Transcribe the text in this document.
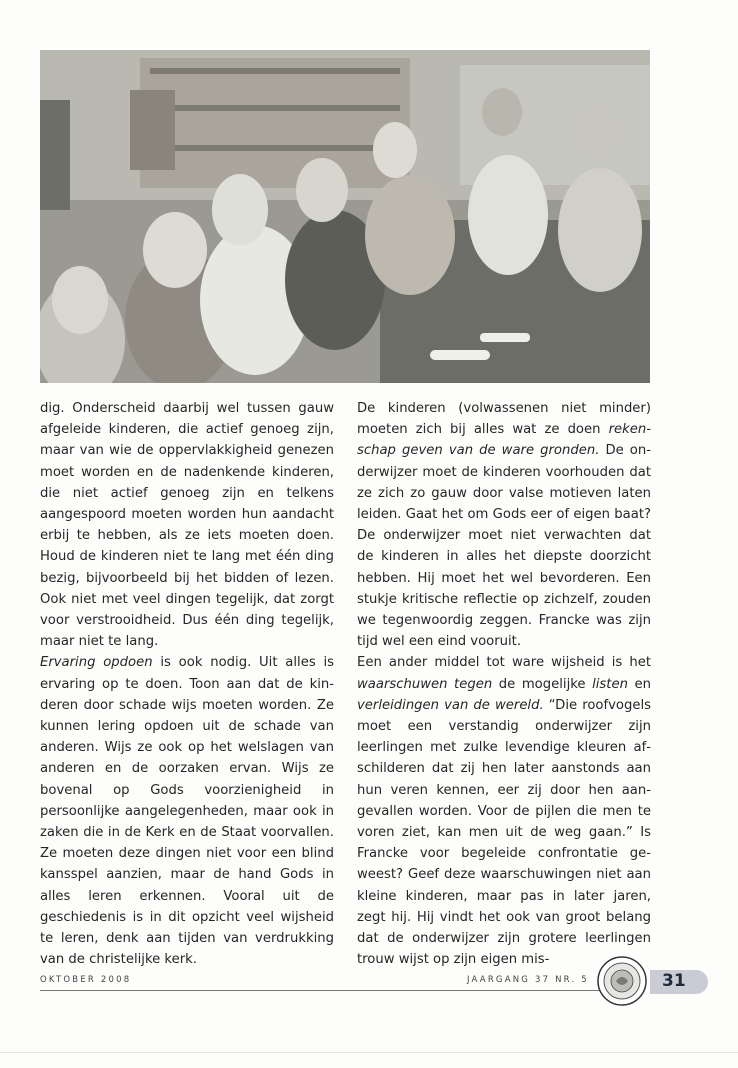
dig. Onderscheid daarbij wel tussen gauw afgeleide kinderen, die actief genoeg zijn, maar van wie de oppervlakkigheid genezen moet worden en de nadenkende kinderen, die niet actief genoeg zijn en telkens aangespoord moeten worden hun aandacht erbij te hebben, als ze iets moeten doen. Houd de kinderen niet te lang met één ding bezig, bijvoorbeeld bij het bidden of lezen. Ook niet met veel dingen tegelijk, dat zorgt voor verstrooidheid. Dus één ding tegelijk, maar niet te lang.

Ervaring opdoen is ook nodig. Uit alles is ervaring op te doen. Toon aan dat de kinderen door schade wijs moeten worden. Ze kunnen lering opdoen uit de schade van anderen. Wijs ze ook op het welslagen van anderen en de oorzaken ervan. Wijs ze bovenal op Gods voorzienigheid in persoonlijke aangelegenheden, maar ook in zaken die in de Kerk en de Staat voorvallen. Ze moeten deze dingen niet voor een blind kansspel aanzien, maar de hand Gods in alles leren erkennen. Vooral uit de geschiedenis is in dit opzicht veel wijsheid te leren, denk aan tijden van verdrukking van de christelijke kerk.

De kinderen (volwassenen niet minder) moeten zich bij alles wat ze doen rekenschap geven van de ware gronden. De onderwijzer moet de kinderen voorhouden dat ze zich zo gauw door valse motieven laten leiden. Gaat het om Gods eer of eigen baat? De onderwijzer moet niet verwachten dat de kinderen in alles het diepste doorzicht hebben. Hij moet het wel bevorderen. Een stukje kritische reflectie op zichzelf, zouden we tegenwoordig zeggen. Francke was zijn tijd wel een eind vooruit.

Een ander middel tot ware wijsheid is het waarschuwen tegen de mogelijke listen en verleidingen van de wereld. “Die roofvogels moet een verstandig onderwijzer zijn leerlingen met zulke levendige kleuren afschilderen dat zij hen later aanstonds aan hun veren kennen, eer zij door hen aangevallen worden. Voor de pijlen die men te voren ziet, kan men uit de weg gaan.” Is Francke voor begeleide confrontatie geweest? Geef deze waarschuwingen niet aan kleine kinderen, maar pas in later jaren, zegt hij. Hij vindt het ook van groot belang dat de onderwijzer zijn grotere leerlingen trouw wijst op zijn eigen mis-

OKTOBER 2008	JAARGANG 37 NR. 5	31
